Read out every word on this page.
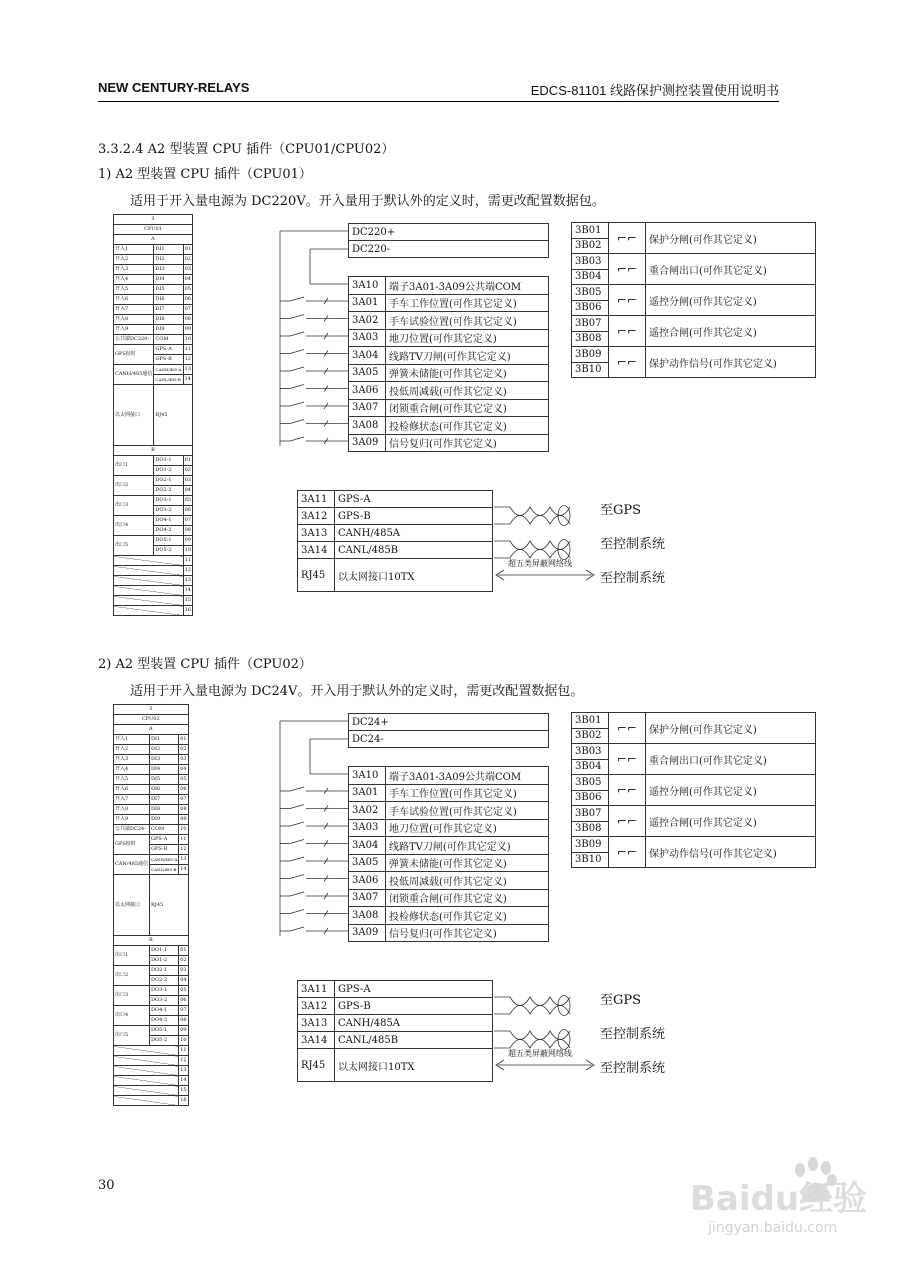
NEW CENTURY-RELAYS	EDCS-81101 线路保护测控装置使用说明书
3.3.2.4 A2 型装置 CPU 插件（CPU01/CPU02）
1) A2 型装置 CPU 插件（CPU01）
适用于开入量电源为 DC220V。开入量用于默认外的定义时，需更改配置数据包。
3		
CPU01		
A		
开入1	DI1	01
开入2	DI2	02
开入3	DI3	03
开入4	DI4	04
开入5	DI5	05
开入6	DI6	06
开入7	DI7	07
开入8	DI8	08
开入9	DI9	09
公共端DC220-	COM	10
GPS校时	GPS-A	11
	GPS-B	12
CANH/485通信	CANH/485-A	13
	CANL/485-B	14
以太网接口	RJ45	
B		
出口1	DO1-1	01
	DO1-2	02
出口2	DO2-1	03
	DO2-2	04
出口3	DO3-1	05
	DO3-2	06
出口4	DO4-1	07
	DO4-2	08
出口5	DO5-1	09
	DO5-2	10
		11
		12
		13
		14
		15
		16
DC220+
DC220-
3A10	端子3A01-3A09公共端COM
3A01	手车工作位置(可作其它定义)
3A02	手车试验位置(可作其它定义)
3A03	地刀位置(可作其它定义)
3A04	线路TV刀闸(可作其它定义)
3A05	弹簧未储能(可作其它定义)
3A06	投低周减载(可作其它定义)
3A07	闭锁重合闸(可作其它定义)
3A08	投检修状态(可作其它定义)
3A09	信号复归(可作其它定义)
3B01	⌐⌐	保护分闸(可作其它定义)
3B02		
3B03	⌐⌐	重合闸出口(可作其它定义)
3B04		
3B05	⌐⌐	遥控分闸(可作其它定义)
3B06		
3B07	⌐⌐	遥控合闸(可作其它定义)
3B08		
3B09	⌐⌐	保护动作信号(可作其它定义)
3B10		
3A11	GPS-A
3A12	GPS-B
3A13	CANH/485A
3A14	CANL/485B
RJ45	以太网接口10TX
至GPS
至控制系统
至控制系统
超五类屏蔽网络线
2) A2 型装置 CPU 插件（CPU02）
适用于开入量电源为 DC24V。开入用于默认外的定义时，需更改配置数据包。
3		
CPU02		
A		
开入1	DI1	01
开入2	DI2	02
开入3	DI3	03
开入4	DI4	04
开入5	DI5	05
开入6	DI6	06
开入7	DI7	07
开入8	DI8	08
开入9	DI9	09
公共端DC24-	COM	10
GPS校时	GPS-A	11
	GPS-B	12
CAN/485通信	CANH/485-A	13
	CANL/485-B	14
以太网接口	RJ45	
B		
出口1	DO1-1	01
	DO1-2	02
出口2	DO2-1	03
	DO2-2	04
出口3	DO3-1	05
	DO3-2	06
出口4	DO4-1	07
	DO4-2	08
出口5	DO5-1	09
	DO5-2	10
		11
		12
		13
		14
		15
		16
DC24+
DC24-
3A10	端子3A01-3A09公共端COM
3A01	手车工作位置(可作其它定义)
3A02	手车试验位置(可作其它定义)
3A03	地刀位置(可作其它定义)
3A04	线路TV刀闸(可作其它定义)
3A05	弹簧未储能(可作其它定义)
3A06	投低周减载(可作其它定义)
3A07	闭锁重合闸(可作其它定义)
3A08	投检修状态(可作其它定义)
3A09	信号复归(可作其它定义)
3B01	⌐⌐	保护分闸(可作其它定义)
3B02		
3B03	⌐⌐	重合闸出口(可作其它定义)
3B04		
3B05	⌐⌐	遥控分闸(可作其它定义)
3B06		
3B07	⌐⌐	遥控合闸(可作其它定义)
3B08		
3B09	⌐⌐	保护动作信号(可作其它定义)
3B10		
3A11	GPS-A
3A12	GPS-B
3A13	CANH/485A
3A14	CANL/485B
RJ45	以太网接口10TX
至GPS
至控制系统
至控制系统
超五类屏蔽网络线
30	Baidu经验
jingyan.baidu.com
